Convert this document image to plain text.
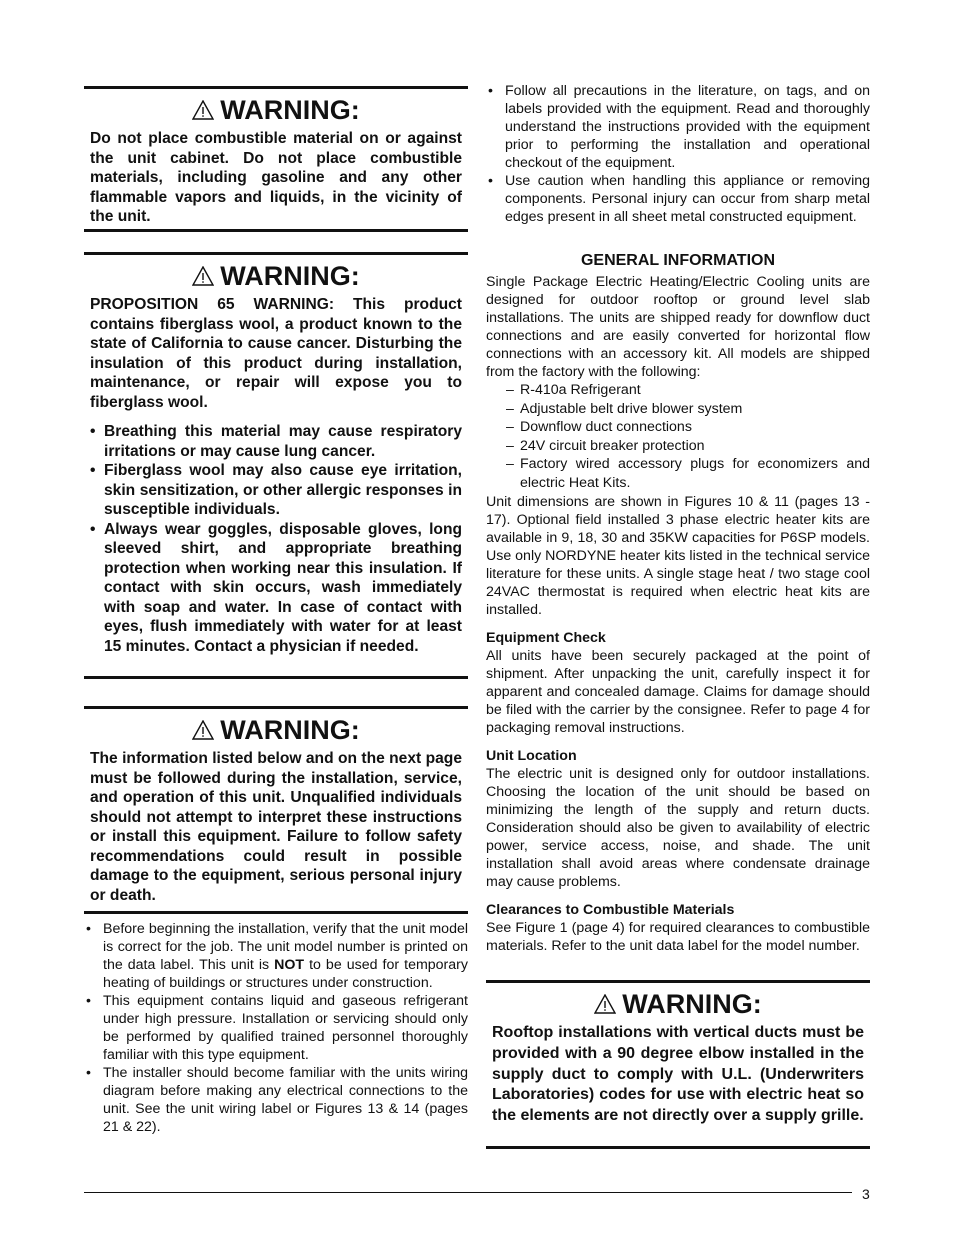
WARNING:
Do not place combustible material on or against the unit cabinet. Do not place combustible materials, including gasoline and any other flammable vapors and liquids, in the vicinity of the unit.
WARNING:
PROPOSITION 65 WARNING: This product contains fiberglass wool, a product known to the state of California to cause cancer. Disturbing the insulation of this product during installation, maintenance, or repair will expose you to fiberglass wool.
• Breathing this material may cause respiratory irritations or may cause lung cancer.
• Fiberglass wool may also cause eye irritation, skin sensitization, or other allergic responses in susceptible individuals.
• Always wear goggles, disposable gloves, long sleeved shirt, and appropriate breathing protection when working near this insulation. If contact with skin occurs, wash immediately with soap and water. In case of contact with eyes, flush immediately with water for at least 15 minutes. Contact a physician if needed.
WARNING:
The information listed below and on the next page must be followed during the installation, service, and operation of this unit. Unqualified individuals should not attempt to interpret these instructions or install this equipment. Failure to follow safety recommendations could result in possible damage to the equipment, serious personal injury or death.
• Before beginning the installation, verify that the unit model is correct for the job. The unit model number is printed on the data label. This unit is NOT to be used for temporary heating of buildings or structures under construction.
• This equipment contains liquid and gaseous refrigerant under high pressure. Installation or servicing should only be performed by qualified trained personnel thoroughly familiar with this type equipment.
• The installer should become familiar with the units wiring diagram before making any electrical connections to the unit. See the unit wiring label or Figures 13 & 14 (pages 21 & 22).
• Follow all precautions in the literature, on tags, and on labels provided with the equipment. Read and thoroughly understand the instructions provided with the equipment prior to performing the installation and operational checkout of the equipment.
• Use caution when handling this appliance or removing components. Personal injury can occur from sharp metal edges present in all sheet metal constructed equipment.

GENERAL INFORMATION

Single Package Electric Heating/Electric Cooling units are designed for outdoor rooftop or ground level slab installations. The units are shipped ready for downflow duct connections and are easily converted for horizontal flow connections with an accessory kit. All models are shipped from the factory with the following:

– R-410a Refrigerant
– Adjustable belt drive blower system
– Downflow duct connections
– 24V circuit breaker protection
– Factory wired accessory plugs for economizers and electric Heat Kits.

Unit dimensions are shown in Figures 10 & 11 (pages 13 - 17). Optional field installed 3 phase electric heater kits are available in 9, 18, 30 and 35KW capacities for P6SP models. Use only NORDYNE heater kits listed in the technical service literature for these units. A single stage heat / two stage cool 24VAC thermostat is required when electric heat kits are installed.

Equipment Check

All units have been securely packaged at the point of shipment. After unpacking the unit, carefully inspect it for apparent and concealed damage. Claims for damage should be filed with the carrier by the consignee. Refer to page 4 for packaging removal instructions.

Unit Location

The electric unit is designed only for outdoor installations. Choosing the location of the unit should be based on minimizing the length of the supply and return ducts. Consideration should also be given to availability of electric power, service access, noise, and shade. The unit installation shall avoid areas where condensate drainage may cause problems.

Clearances to Combustible Materials

See Figure 1 (page 4) for required clearances to combustible materials. Refer to the unit data label for the model number.

WARNING:
Rooftop installations with vertical ducts must be provided with a 90 degree elbow installed in the supply duct to comply with U.L. (Underwriters Laboratories) codes for use with electric heat so the elements are not directly over a supply grille.
3
